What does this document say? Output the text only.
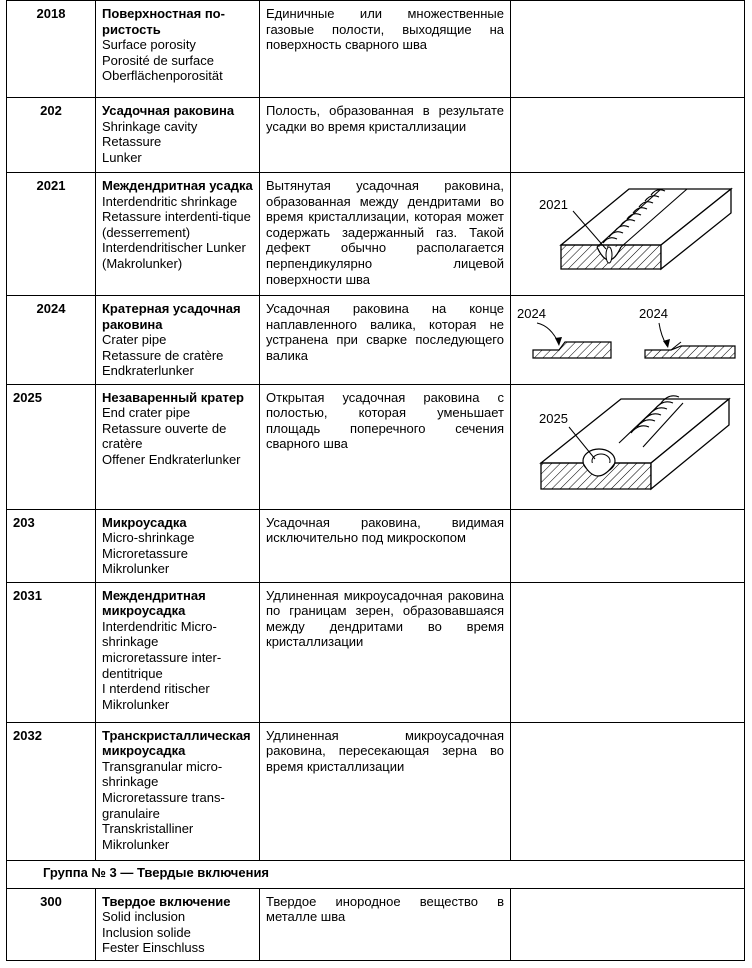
2018	Поверхностная по-ристость
Surface porosity
Porosité de surface
Oberflächenporosität	Единичные или множественные газовые полости, выходящие на поверхность сварного шва	
202	Усадочная раковина
Shrinkage cavity
Retassure
Lunker	Полость, образованная в результате усадки во время кристаллизации	
2021	Междендритная усадка
Interdendritic shrinkage
Retassure interdenti-tique (desserrement)
Interdendritischer Lunker (Makrolunker)	Вытянутая усадочная раковина, образованная между дендритами во время кристаллизации, которая может содержать задержанный газ. Такой дефект обычно располагается перпендикулярно лицевой поверхности шва	2021

2024	Кратерная усадочная раковина
Crater pipe
Retassure de cratère
Endkraterlunker	Усадочная раковина на конце наплавленного валика, которая не устранена при сварке последующего валика	2024 2024

2025	Незаваренный кратер
End crater pipe
Retassure ouverte de cratère
Offener Endkraterlunker	Открытая усадочная раковина с полостью, которая уменьшает площадь поперечного сечения сварного шва	2025

203	Микроусадка
Micro-shrinkage
Microretassure
Mikrolunker	Усадочная раковина, видимая исключительно под микроскопом	
2031	Междендритная микроусадка
Interdendritic Micro-shrinkage
microretassure inter-dentitrique
I nterdend ritischer Mikrolunker	Удлиненная микроусадочная раковина по границам зерен, образовавшаяся между дендритами во время кристаллизации	
2032	Транскристаллическая микроусадка
Transgranular micro-shrinkage
Microretassure trans-granulaire
Transkristalliner Mikrolunker	Удлиненная микроусадочная раковина, пересекающая зерна во время кристаллизации	
Группа № 3 — Твердые включения			
300	Твердое включение
Solid inclusion
Inclusion solide
Fester Einschluss	Твердое инородное вещество в металле шва	
